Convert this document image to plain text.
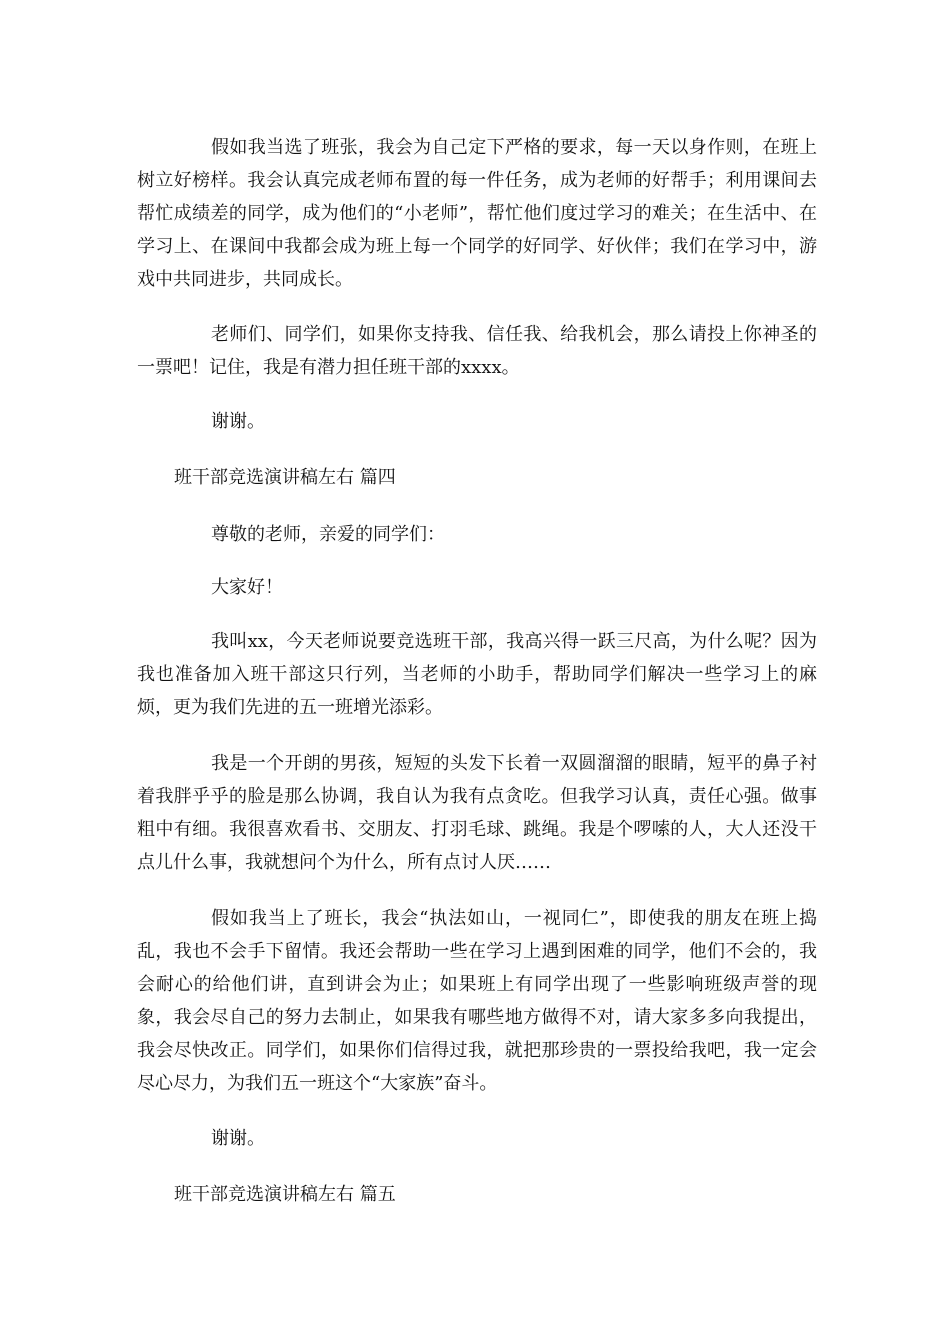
假如我当选了班张，我会为自己定下严格的要求，每一天以身作则，在班上树立好榜样。我会认真完成老师布置的每一件任务，成为老师的好帮手；利用课间去帮忙成绩差的同学，成为他们的“小老师”，帮忙他们度过学习的难关；在生活中、在学习上、在课间中我都会成为班上每一个同学的好同学、好伙伴；我们在学习中，游戏中共同进步，共同成长。

老师们、同学们，如果你支持我、信任我、给我机会，那么请投上你神圣的一票吧！记住，我是有潜力担任班干部的xxxx。

谢谢。

班干部竞选演讲稿左右 篇四

尊敬的老师，亲爱的同学们：

大家好！

我叫xx，今天老师说要竞选班干部，我高兴得一跃三尺高，为什么呢？因为我也准备加入班干部这只行列，当老师的小助手，帮助同学们解决一些学习上的麻烦，更为我们先进的五一班增光添彩。

我是一个开朗的男孩，短短的头发下长着一双圆溜溜的眼睛，短平的鼻子衬着我胖乎乎的脸是那么协调，我自认为我有点贪吃。但我学习认真，责任心强。做事粗中有细。我很喜欢看书、交朋友、打羽毛球、跳绳。我是个啰嗦的人，大人还没干点儿什么事，我就想问个为什么，所有点讨人厌……

假如我当上了班长，我会“执法如山，一视同仁”，即使我的朋友在班上捣乱，我也不会手下留情。我还会帮助一些在学习上遇到困难的同学，他们不会的，我会耐心的给他们讲，直到讲会为止；如果班上有同学出现了一些影响班级声誉的现象，我会尽自己的努力去制止，如果我有哪些地方做得不对，请大家多多向我提出，我会尽快改正。同学们，如果你们信得过我，就把那珍贵的一票投给我吧，我一定会尽心尽力，为我们五一班这个“大家族”奋斗。

谢谢。

班干部竞选演讲稿左右 篇五
